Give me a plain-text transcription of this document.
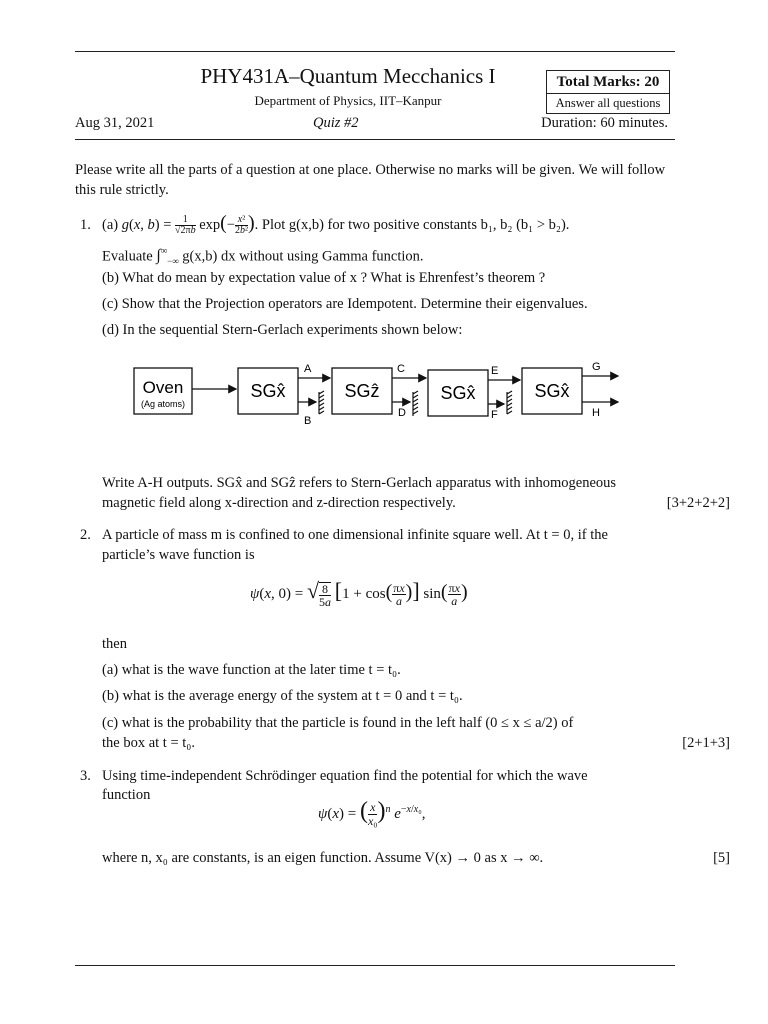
PHY431A–Quantum Mecchanics I
Department of Physics, IIT–Kanpur
Total Marks: 20
Answer all questions
Aug 31, 2021	Quiz #2	Duration: 60 minutes.
Please write all the parts of a question at one place. Otherwise no marks will be given. We will follow this rule strictly.
1. (a) g(x, $b) = \frac{1}{√2\pi b} \exp(- \frac{\text{x²}}{\text{2b²}})$. Plot g(x,b) for two positive constants b₁, b₂ (b₁ > b₂).
Evaluate $\int^\infty_{-\infty}$ g(x,b) dx without using Gamma function.
(b) What do mean by expectation value of x ? What is Ehrenfest’s theorem ?
(c) Show that the Projection operators are Idempotent. Determine their eigenvalues.
(d) In the sequential Stern-Gerlach experiments shown below:
Oven
(Ag atoms)
SGx̂
A
B
SGẑ
C
D
SGx̂
E
F
SGx̂
G
H
Write A-H outputs. SGx̂ and SGẑ refers to Stern-Gerlach apparatus with inhomogeneous
magnetic field along x-direction and z-direction respectively.	[3+2+2+2]
2. A particle of mass m is confined to one dimensional infinite square well. At t = 0, if the
particle’s wave function is
ψ(x, 0) = √ $\frac{8}{5a} [1 + \cos( \frac{\pi x}{a})]$ $\sin( \frac{\pi x}{a})$
then
(a) what is the wave function at the later time t = t₀.
(b) what is the average energy of the system at t = 0 and t = t₀.
(c) what is the probability that the particle is found in the left half (0 ≤ x ≤ a/2) of
the box at t = t₀.	[2+1+3]
3. Using time-independent Schrödinger equation find the potential for which the wave
function
ψ(x) = ( $\frac{x}{\text{x₀}})^n$ $e^{-x/x_0}$,
where n, x₀ are constants, is an eigen function. Assume V(x) → 0 as x → ∞.	[5]
